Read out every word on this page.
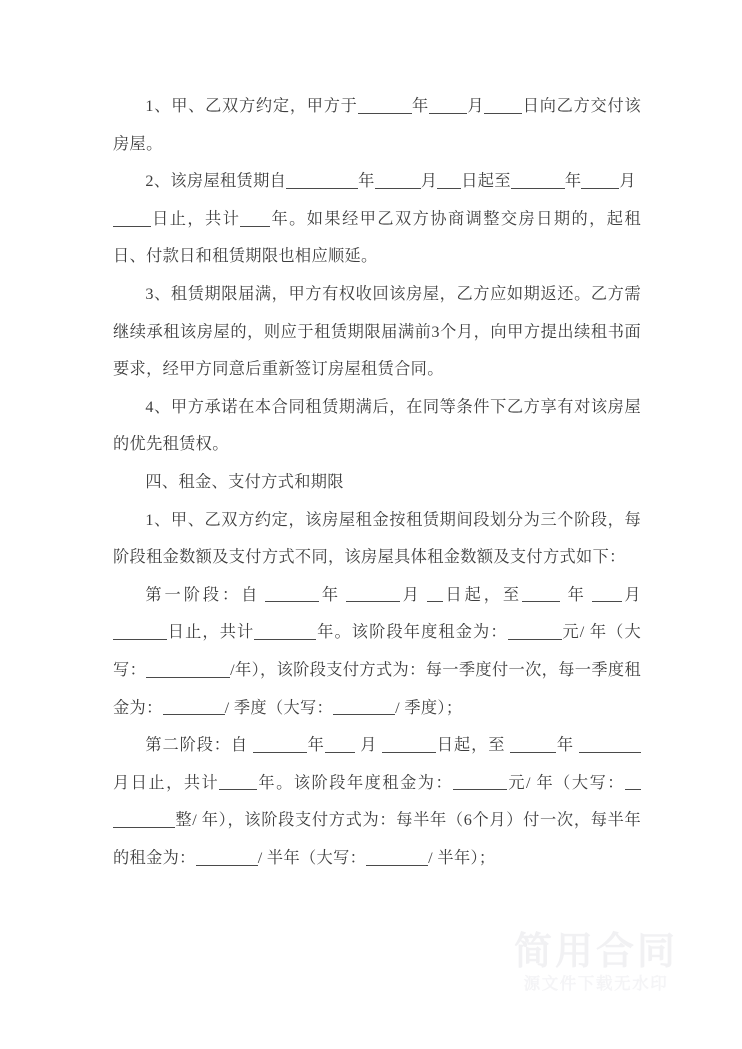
1、甲、乙双方约定，甲方于	年 月 日向乙方交付该房屋。

2、该房屋租赁期自	年	月 日起至	年 月日止，共计 年。如果经甲乙双方协商调整交房日期的，起租日、付款日和租赁期限也相应顺延。

3、租赁期限届满，甲方有权收回该房屋，乙方应如期返还。乙方需继续承租该房屋的，则应于租赁期限届满前3个月，向甲方提出续租书面要求，经甲方同意后重新签订房屋租赁合同。

4、甲方承诺在本合同租赁期满后，在同等条件下乙方享有对该房屋的优先租赁权。

四、租金、支付方式和期限

1、甲、乙双方约定，该房屋租金按租赁期间段划分为三个阶段，每阶段租金数额及支付方式不同，该房屋具体租金数额及支付方式如下：

第一阶段：自	年	月 日起，至	年 月日止，共计	年。该阶段年度租金为：	元/ 年（大写：	/年），该阶段支付方式为：每一季度付一次，每一季度租金为：	/ 季度（大写：	/ 季度）；

第二阶段：自	年 月	日起，至	年月日止，共计 年。该阶段年度租金为：	元/ 年（大写：整/ 年），该阶段支付方式为：每半年（6个月）付一次，每半年的租金为：	/ 半年（大写：	/ 半年）；

简用合同
源文件下载无水印
